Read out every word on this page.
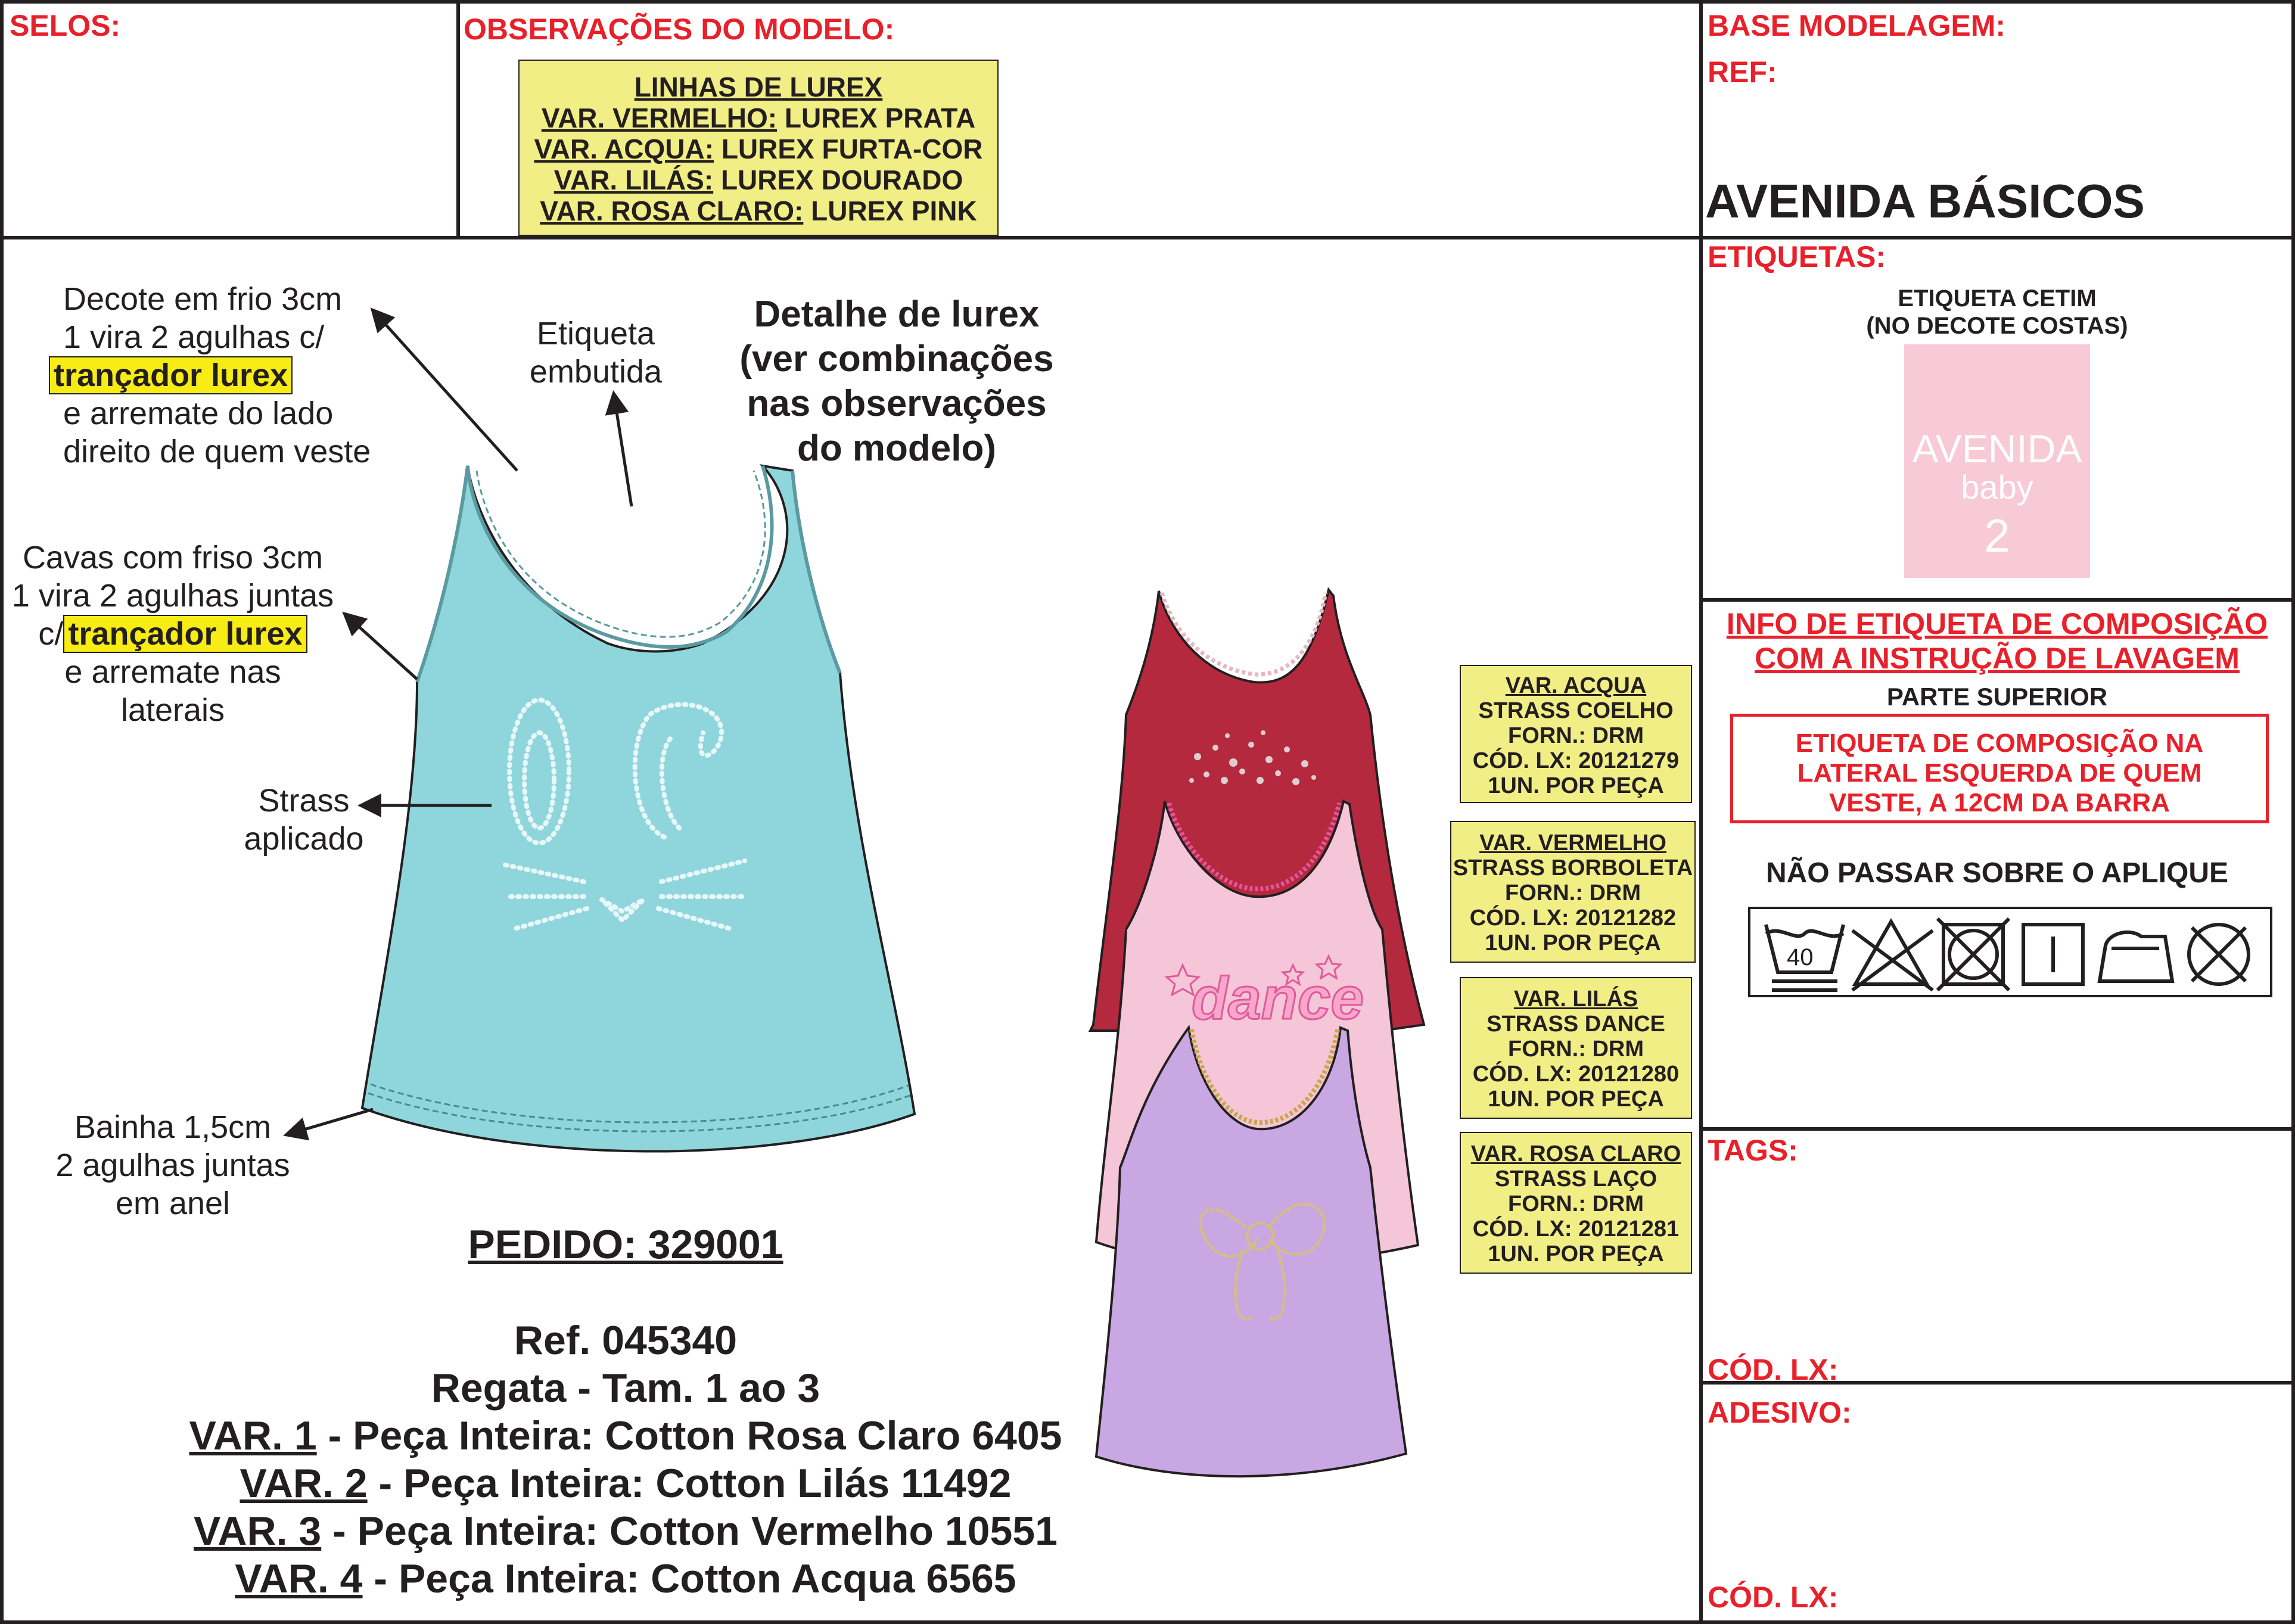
SELOS:	OBSERVAÇÕES DO MODELO:
LINHAS DE LUREX
VAR. VERMELHO: LUREX PRATA
VAR. ACQUA: LUREX FURTA-COR
VAR. LILÁS: LUREX DOURADO
VAR. ROSA CLARO: LUREX PINK
BASE MODELAGEM:
REF:
AVENIDA BÁSICOS
dance
Decote em frio 3cm
1 vira 2 agulhas c/
trançador lurex
e arremate do lado
direito de quem veste
Etiqueta
embutida
Detalhe de lurex
(ver combinações
nas observações
do modelo)
Cavas com friso 3cm
1 vira 2 agulhas juntas
c/ trançador lurex
e arremate nas
laterais
Strass
aplicado
Bainha 1,5cm
2 agulhas juntas
em anel
VAR. ACQUA
STRASS COELHO
FORN.: DRM
CÓD. LX: 20121279
1UN. POR PEÇA
VAR. VERMELHO
STRASS BORBOLETA
FORN.: DRM
CÓD. LX: 20121282
1UN. POR PEÇA
VAR. LILÁS
STRASS DANCE
FORN.: DRM
CÓD. LX: 20121280
1UN. POR PEÇA
VAR. ROSA CLARO
STRASS LAÇO
FORN.: DRM
CÓD. LX: 20121281
1UN. POR PEÇA
PEDIDO: 329001
Ref. 045340
Regata - Tam. 1 ao 3
VAR. 1 - Peça Inteira: Cotton Rosa Claro 6405
VAR. 2 - Peça Inteira: Cotton Lilás 11492
VAR. 3 - Peça Inteira: Cotton Vermelho 10551
VAR. 4 - Peça Inteira: Cotton Acqua 6565
ETIQUETAS:
ETIQUETA CETIM
(NO DECOTE COSTAS)
AVENIDA
baby
2
INFO DE ETIQUETA DE COMPOSIÇÃO
COM A INSTRUÇÃO DE LAVAGEM
PARTE SUPERIOR
ETIQUETA DE COMPOSIÇÃO NA
LATERAL ESQUERDA DE QUEM
VESTE, A 12CM DA BARRA
NÃO PASSAR SOBRE O APLIQUE
40
TAGS:
CÓD. LX:
ADESIVO:
CÓD. LX:
